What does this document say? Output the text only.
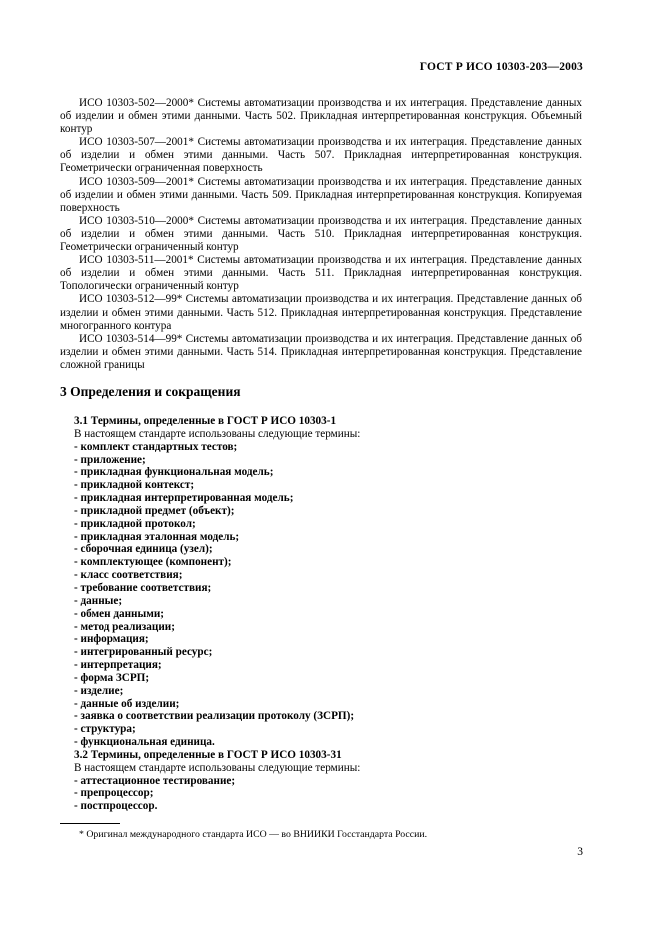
ГОСТ Р ИСО 10303-203—2003

ИСО 10303-502—2000* Системы автоматизации производства и их интеграция. Представление данных об изделии и обмен этими данными. Часть 502. Прикладная интерпретированная конструкция. Объемный контур

ИСО 10303-507—2001* Системы автоматизации производства и их интеграция. Представление данных об изделии и обмен этими данными. Часть 507. Прикладная интерпретированная конструкция. Геометрически ограниченная поверхность

ИСО 10303-509—2001* Системы автоматизации производства и их интеграция. Представление данных об изделии и обмен этими данными. Часть 509. Прикладная интерпретированная конструкция. Копируемая поверхность

ИСО 10303-510—2000* Системы автоматизации производства и их интеграция. Представление данных об изделии и обмен этими данными. Часть 510. Прикладная интерпретированная конструкция. Геометрически ограниченный контур

ИСО 10303-511—2001* Системы автоматизации производства и их интеграция. Представление данных об изделии и обмен этими данными. Часть 511. Прикладная интерпретированная конструкция. Топологически ограниченный контур

ИСО 10303-512—99* Системы автоматизации производства и их интеграция. Представление данных об изделии и обмен этими данными. Часть 512. Прикладная интерпретированная конструкция. Представление многогранного контура

ИСО 10303-514—99* Системы автоматизации производства и их интеграция. Представление данных об изделии и обмен этими данными. Часть 514. Прикладная интерпретированная конструкция. Представление сложной границы

3 Определения и сокращения

3.1 Термины, определенные в ГОСТ Р ИСО 10303-1

В настоящем стандарте использованы следующие термины:

- комплект стандартных тестов;
- приложение;
- прикладная функциональная модель;
- прикладной контекст;
- прикладная интерпретированная модель;
- прикладной предмет (объект);
- прикладной протокол;
- прикладная эталонная модель;
- сборочная единица (узел);
- комплектующее (компонент);
- класс соответствия;
- требование соответствия;
- данные;
- обмен данными;
- метод реализации;
- информация;
- интегрированный ресурс;
- интерпретация;
- форма ЗСРП;
- изделие;
- данные об изделии;
- заявка о соответствии реализации протоколу (ЗСРП);
- структура;
- функциональная единица.

3.2 Термины, определенные в ГОСТ Р ИСО 10303-31

В настоящем стандарте использованы следующие термины:

- аттестационное тестирование;
- препроцессор;
- постпроцессор.
* Оригинал международного стандарта ИСО — во ВНИИКИ Госстандарта России.
3
